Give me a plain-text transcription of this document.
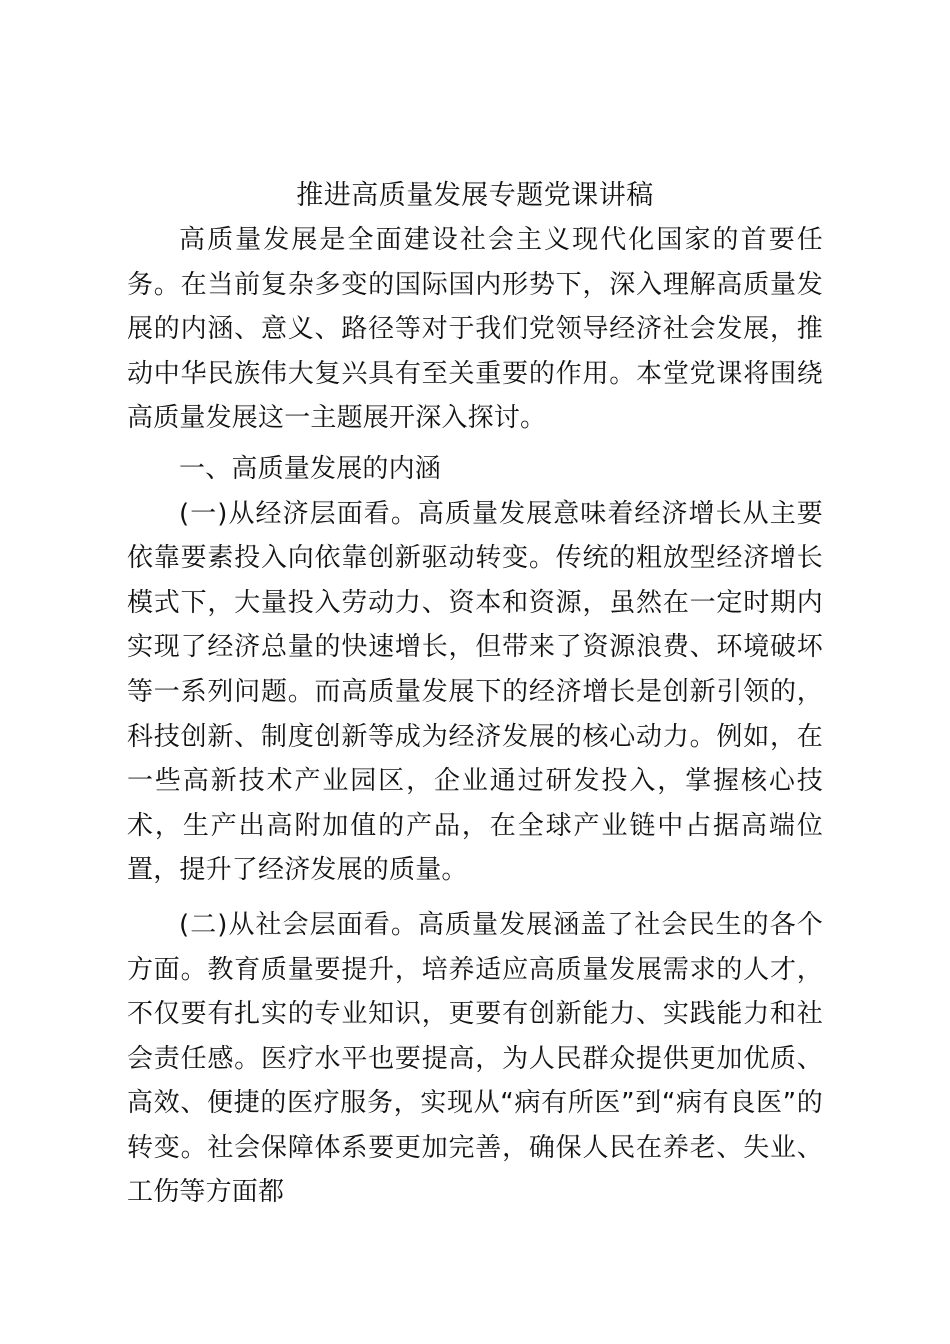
推进高质量发展专题党课讲稿

高质量发展是全面建设社会主义现代化国家的首要任务。在当前复杂多变的国际国内形势下，深入理解高质量发展的内涵、意义、路径等对于我们党领导经济社会发展，推动中华民族伟大复兴具有至关重要的作用。本堂党课将围绕高质量发展这一主题展开深入探讨。

一、高质量发展的内涵

(一)从经济层面看。高质量发展意味着经济增长从主要依靠要素投入向依靠创新驱动转变。传统的粗放型经济增长模式下，大量投入劳动力、资本和资源，虽然在一定时期内实现了经济总量的快速增长，但带来了资源浪费、环境破坏等一系列问题。而高质量发展下的经济增长是创新引领的，科技创新、制度创新等成为经济发展的核心动力。例如，在一些高新技术产业园区，企业通过研发投入，掌握核心技术，生产出高附加值的产品，在全球产业链中占据高端位置，提升了经济发展的质量。

(二)从社会层面看。高质量发展涵盖了社会民生的各个方面。教育质量要提升，培养适应高质量发展需求的人才，不仅要有扎实的专业知识，更要有创新能力、实践能力和社会责任感。医疗水平也要提高，为人民群众提供更加优质、高效、便捷的医疗服务，实现从“病有所医”到“病有良医”的转变。社会保障体系要更加完善，确保人民在养老、失业、工伤等方面都
